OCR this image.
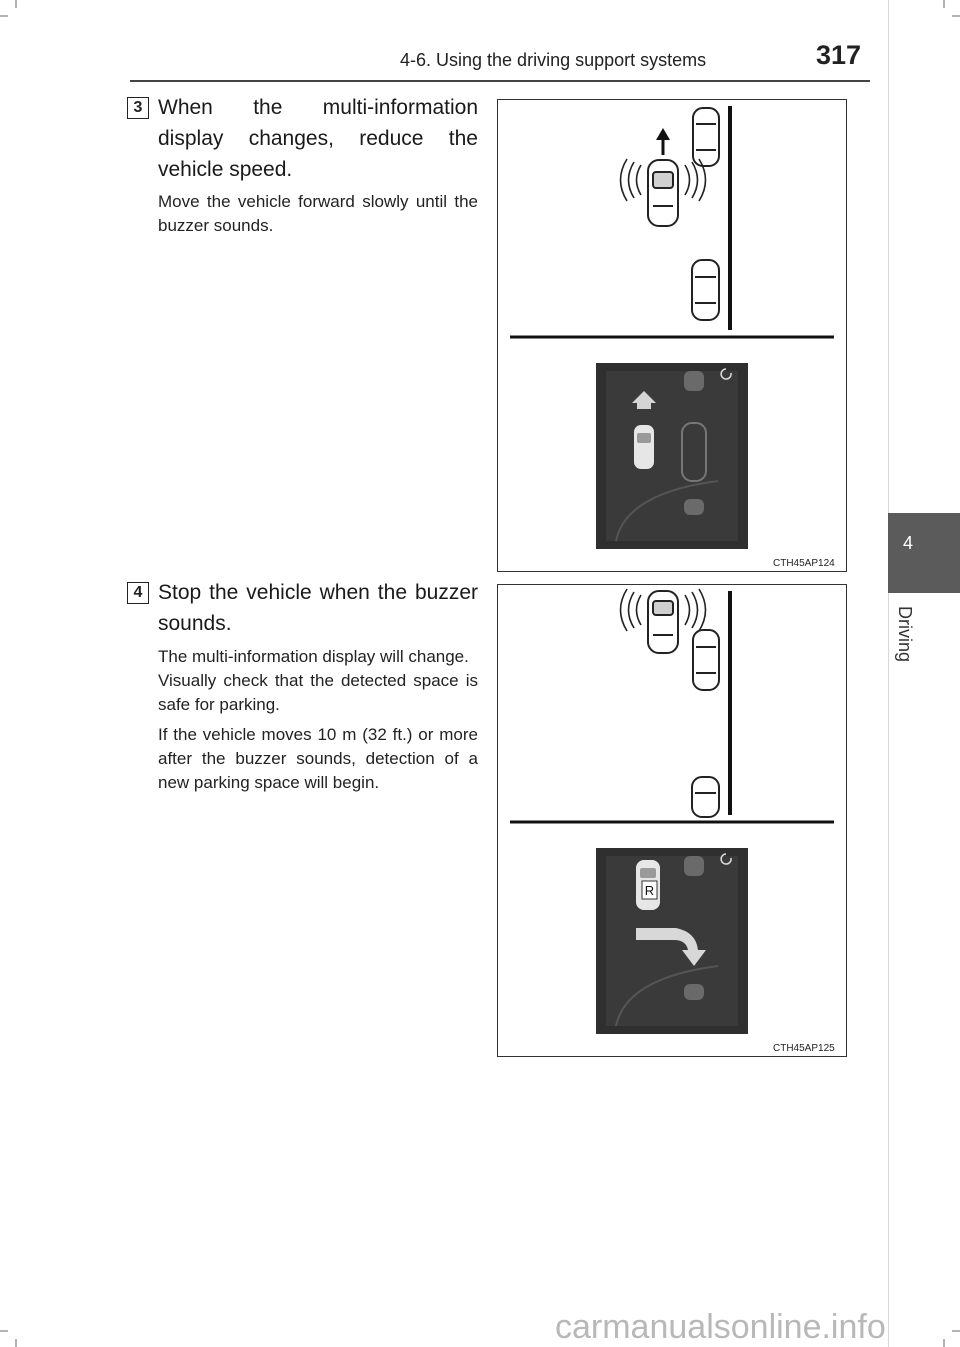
4-6. Using the driving support systems	317
4
Driving
3 When the multi-information display changes, reduce the vehicle speed.

Move the vehicle forward slowly until the buzzer sounds.

CTH45AP124
4 Stop the vehicle when the buzzer sounds.

The multi-information display will change.

Visually check that the detected space is safe for parking.

If the vehicle moves 10 m (32 ft.) or more after the buzzer sounds, detection of a new parking space will begin.

R
CTH45AP125
carmanualsonline.info
